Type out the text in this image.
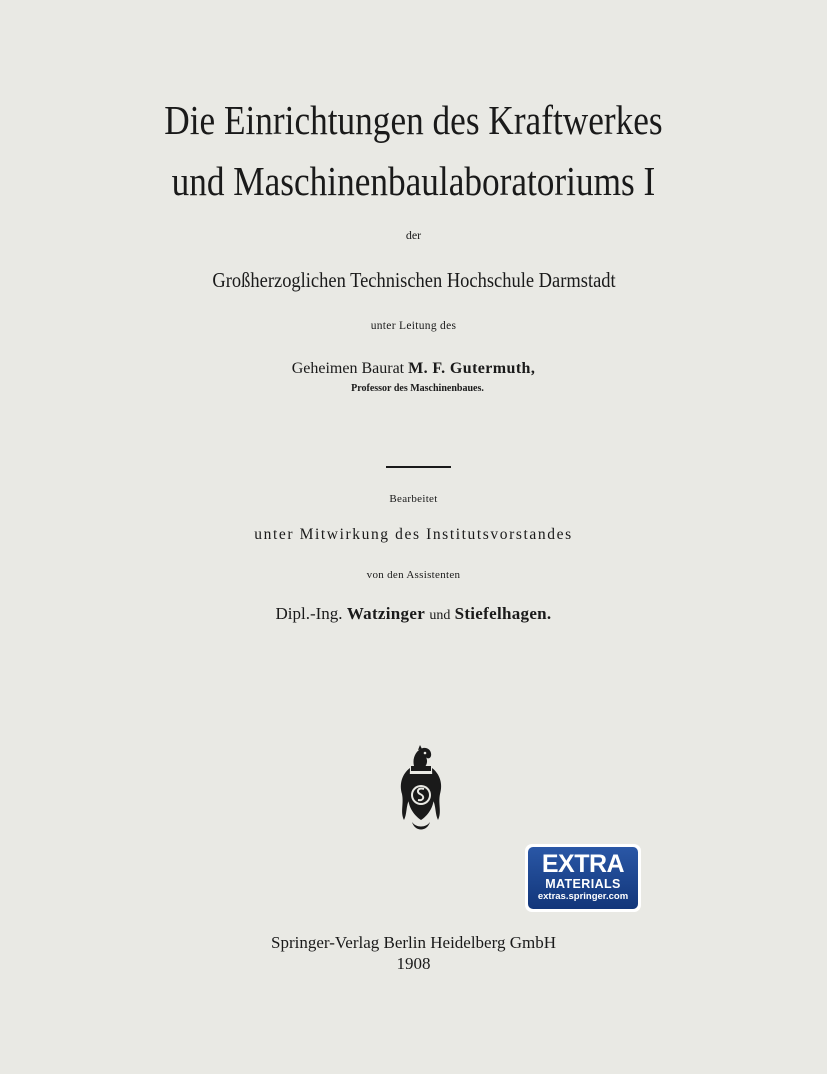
Die Einrichtungen des Kraftwerkes
und Maschinenbaulaboratoriums I
der
Großherzoglichen Technischen Hochschule Darmstadt
unter Leitung des
Geheimen Baurat M. F. Gutermuth,
Professor des Maschinenbaues.
Bearbeitet
unter Mitwirkung des Institutsvorstandes
von den Assistenten
Dipl.-Ing. Watzinger und Stiefelhagen.
EXTRA
MATERIALS
extras.springer.com
Springer-Verlag Berlin Heidelberg GmbH
1908
